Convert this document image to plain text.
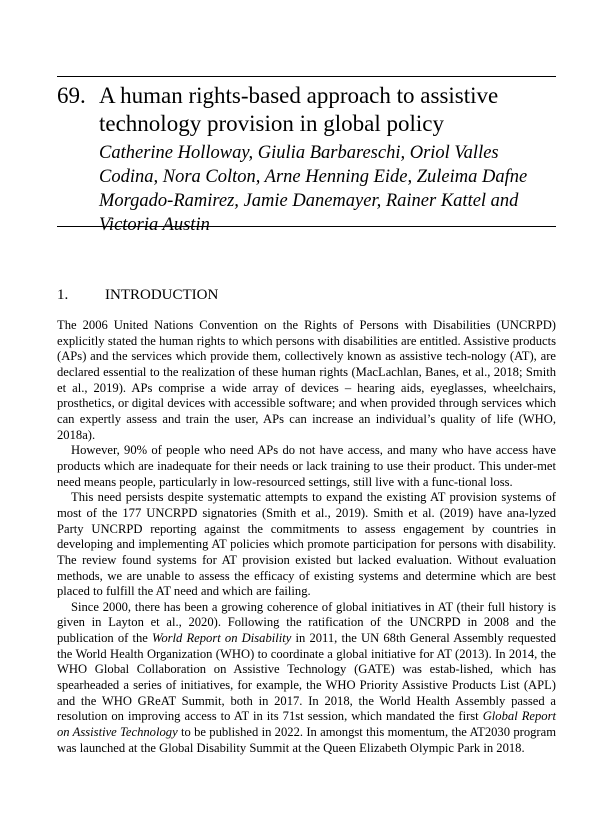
69. A human rights-based approach to assistive technology provision in global policy
Catherine Holloway, Giulia Barbareschi, Oriol Valles Codina, Nora Colton, Arne Henning Eide, Zuleima Dafne Morgado-Ramirez, Jamie Danemayer, Rainer Kattel and Victoria Austin
1.	INTRODUCTION

The 2006 United Nations Convention on the Rights of Persons with Disabilities (UNCRPD) explicitly stated the human rights to which persons with disabilities are entitled. Assistive products (APs) and the services which provide them, collectively known as assistive tech-nology (AT), are declared essential to the realization of these human rights (MacLachlan, Banes, et al., 2018; Smith et al., 2019). APs comprise a wide array of devices – hearing aids, eyeglasses, wheelchairs, prosthetics, or digital devices with accessible software; and when provided through services which can expertly assess and train the user, APs can increase an individual’s quality of life (WHO, 2018a).

However, 90% of people who need APs do not have access, and many who have access have products which are inadequate for their needs or lack training to use their product. This under-met need means people, particularly in low-resourced settings, still live with a func-tional loss.

This need persists despite systematic attempts to expand the existing AT provision systems of most of the 177 UNCRPD signatories (Smith et al., 2019). Smith et al. (2019) have ana-lyzed Party UNCRPD reporting against the commitments to assess engagement by countries in developing and implementing AT policies which promote participation for persons with disability. The review found systems for AT provision existed but lacked evaluation. Without evaluation methods, we are unable to assess the efficacy of existing systems and determine which are best placed to fulfill the AT need and which are failing.

Since 2000, there has been a growing coherence of global initiatives in AT (their full history is given in Layton et al., 2020). Following the ratification of the UNCRPD in 2008 and the publication of the World Report on Disability in 2011, the UN 68th General Assembly requested the World Health Organization (WHO) to coordinate a global initiative for AT (2013). In 2014, the WHO Global Collaboration on Assistive Technology (GATE) was estab-lished, which has spearheaded a series of initiatives, for example, the WHO Priority Assistive Products List (APL) and the WHO GReAT Summit, both in 2017. In 2018, the World Health Assembly passed a resolution on improving access to AT in its 71st session, which mandated the first Global Report on Assistive Technology to be published in 2022. In amongst this momentum, the AT2030 program was launched at the Global Disability Summit at the Queen Elizabeth Olympic Park in 2018.
